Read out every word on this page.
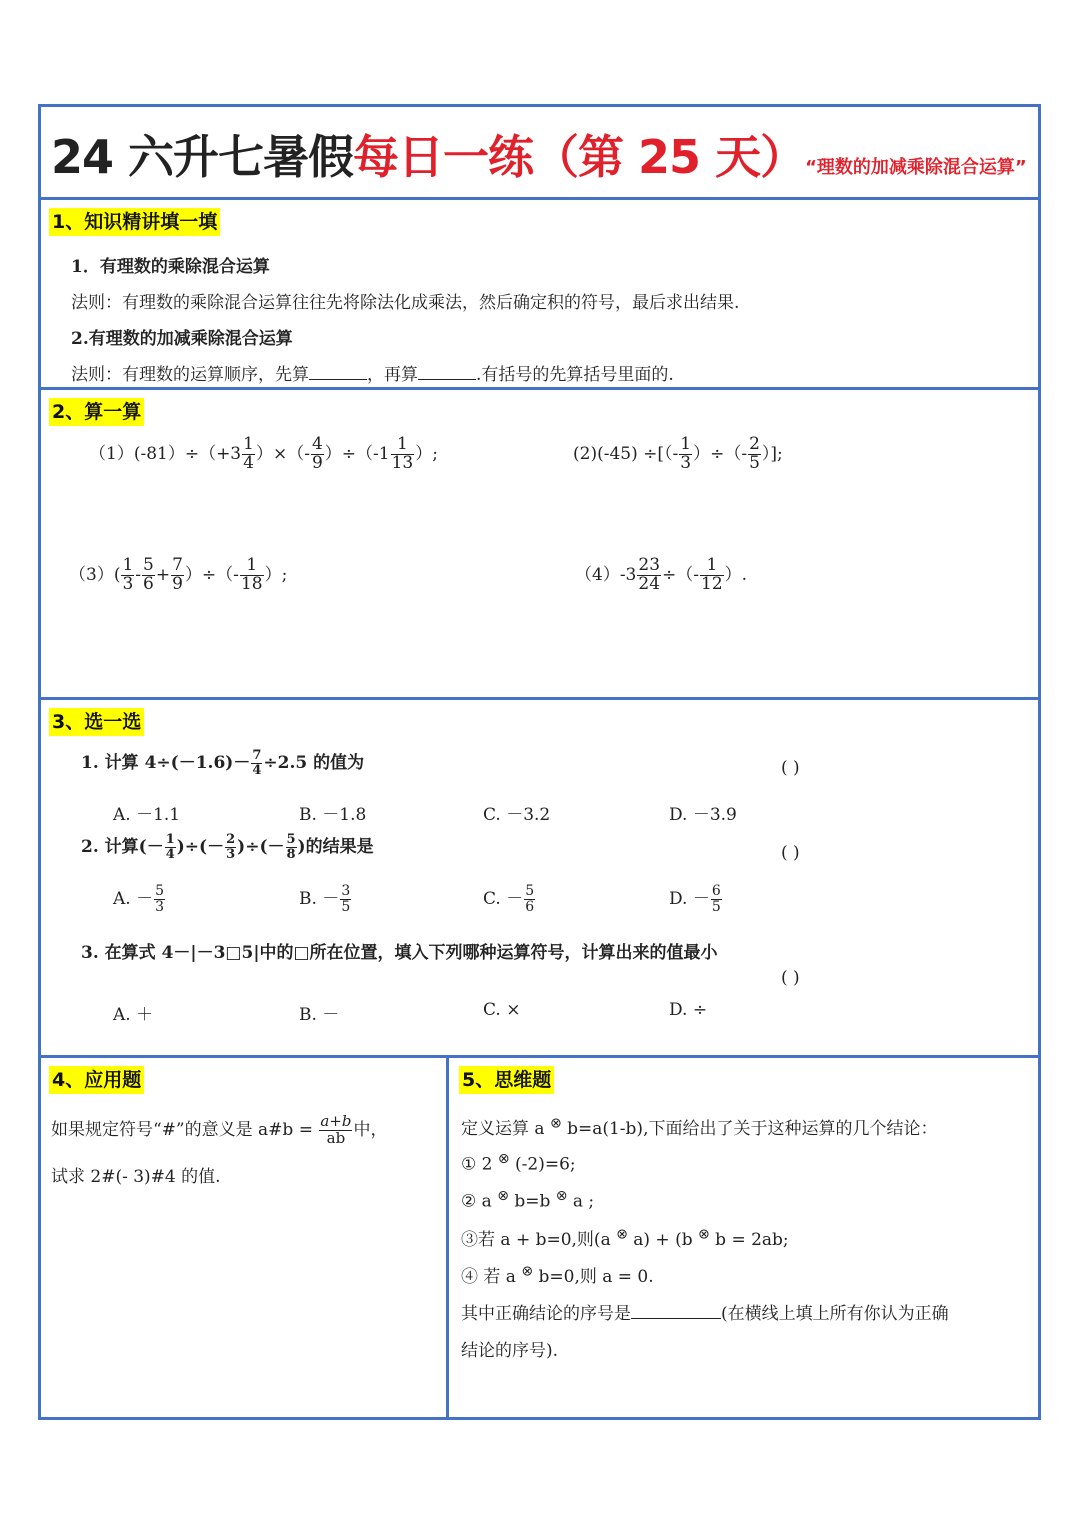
24 六升七暑假每日一练（第 25 天）“理数的加减乘除混合运算”
1、知识精讲填一填
1．有理数的乘除混合运算
法则：有理数的乘除混合运算往往先将除法化成乘法，然后确定积的符号，最后求出结果.
2.有理数的加减乘除混合运算
法则：有理数的运算顺序，先算	，再算	.有括号的先算括号里面的.
2、算一算
$(1)(-81)\div(+3 \frac{1}{4}$ ）×（- $\frac{4}{9} )\div(-1 \frac{1}{13}$ ）;	(2)(-45) ÷[（- $\frac{1}{3}$ ）÷（- $\frac{2}{5}$ ）];
$(3)( \frac{1}{3} - \frac{5}{6} + \frac{7}{9}$ ）÷（- $\frac{1}{18}$ ）;	$(4)-3 \frac{23}{24}$ ÷（- $\frac{1}{12}$ ）.
3、选一选
1. 计算 $4\div(-1.6)- \frac{7}{4} \div 2.5$ 的值为	( )
A. －1.1	B. －1.8	C. －3.2	D. －3.9
2. 计算(－ $\frac{1}{4}$ )÷(－ $\frac{2}{3}$ )÷(－ $\frac{5}{8}$ )的结果是	( )
A. － $\frac{5}{3}$	B. － $\frac{3}{5}$	C. － $\frac{5}{6}$	D. － $\frac{6}{5}$
3. 在算式 4－|－3□5|中的□所在位置，填入下列哪种运算符号，计算出来的值最小
( )
A. ＋	B. －	C. ×	D. ÷
4、应用题
如果规定符号“#”的意义是 a#b = $\frac{a+b}{ab}$ 中，
试求 2#(- 3)#4 的值.
5、思维题
定义运算 a ⊗ b=a(1-b),下面给出了关于这种运算的几个结论：
① 2 ⊗ (-2)=6;
② a ⊗ b=b ⊗ a ;
③若 a + b=0,则(a ⊗ a) + (b ⊗ b = 2ab;
④ 若 a ⊗ b=0,则 a = 0.
其中正确结论的序号是	(在横线上填上所有你认为正确
结论的序号).
